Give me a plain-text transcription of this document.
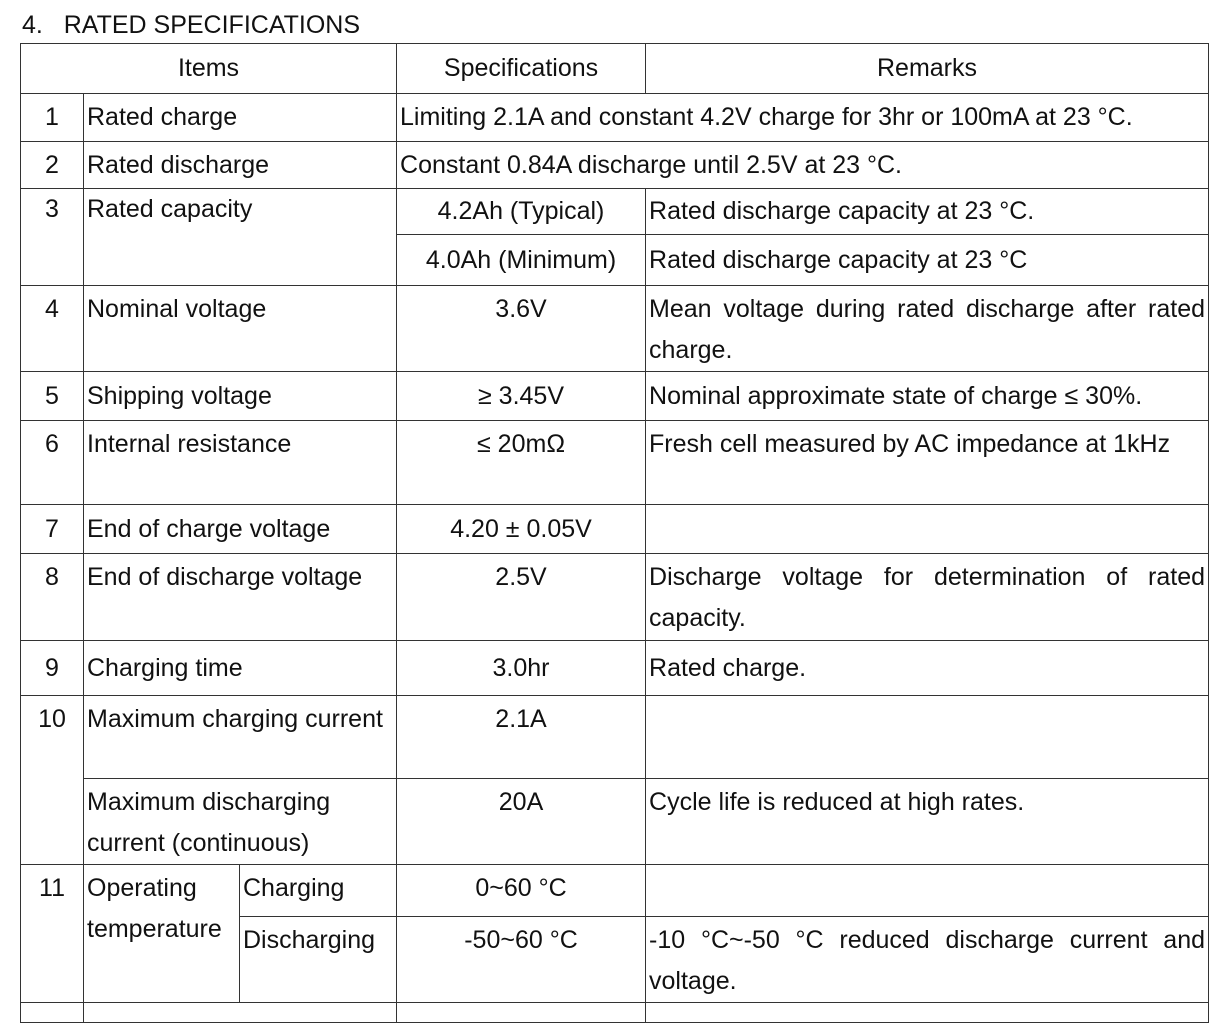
4. RATED SPECIFICATIONS
Items			Specifications	Remarks
1	Rated charge		Limiting 2.1A and constant 4.2V charge for 3hr or 100mA at 23 °C.	
2	Rated discharge		Constant 0.84A discharge until 2.5V at 23 °C.	
3	Rated capacity		4.2Ah (Typical)	Rated discharge capacity at 23 °C.
			4.0Ah (Minimum)	Rated discharge capacity at 23 °C
4	Nominal voltage		3.6V	Mean voltage during rated discharge after rated charge.
5	Shipping voltage		≥ 3.45V	Nominal approximate state of charge ≤ 30%.
6	Internal resistance		≤ 20mΩ	Fresh cell measured by AC impedance at 1kHz
7	End of charge voltage		4.20 ± 0.05V	
8	End of discharge voltage		2.5V	Discharge voltage for determination of rated capacity.
9	Charging time		3.0hr	Rated charge.
10	Maximum charging current		2.1A	
	Maximum discharging current (continuous)		20A	Cycle life is reduced at high rates.
11	Operating temperature	Charging	0~60 °C	
		Discharging	-50~60 °C	-10 °C~-50 °C reduced discharge current and voltage.
